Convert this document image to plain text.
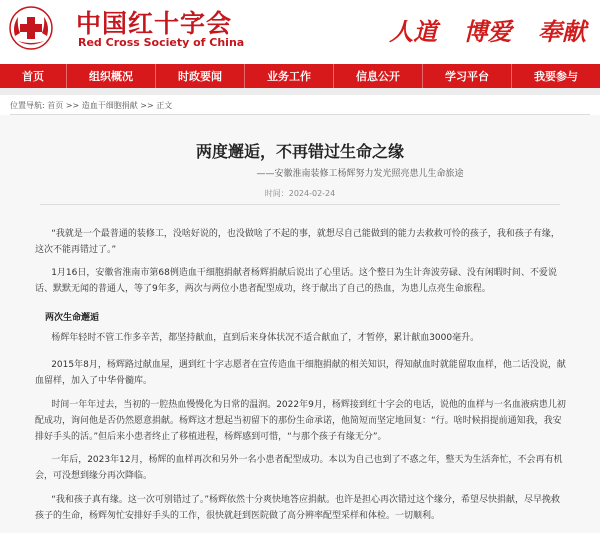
中国红十字会
Red Cross Society of China	人道 博爱 奉献
首页	组织概况	时政要闻	业务工作	信息公开	学习平台	我要参与
位置导航: 首页 >> 造血干细胞捐献 >> 正文
两度邂逅，不再错过生命之缘
——安徽淮南装修工杨辉努力发光照亮患儿生命旅途
时间：2024-02-24

“我就是一个最普通的装修工，没啥好说的，也没做啥了不起的事，就想尽自己能做到的能力去救救可怜的孩子，我和孩子有缘，这次不能再错过了。”

1月16日，安徽省淮南市第68例造血干细胞捐献者杨辉捐献后说出了心里话。这个整日为生计奔波劳碌、没有闲暇时间、不爱说话、默默无闻的普通人，等了9年多，两次与两位小患者配型成功，终于献出了自己的热血，为患儿点亮生命旅程。

两次生命邂逅

杨辉年轻时不管工作多辛苦，都坚持献血，直到后来身体状况不适合献血了，才暂停，累计献血3000毫升。

2015年8月，杨辉路过献血屋，遇到红十字志愿者在宣传造血干细胞捐献的相关知识，得知献血时就能留取血样，他二话没说，献血留样，加入了中华骨髓库。

时间一年年过去，当初的一腔热血慢慢化为日常的温润。2022年9月，杨辉接到红十字会的电话，说他的血样与一名血液病患儿初配成功，询问他是否仍然愿意捐献。杨辉这才想起当初留下的那份生命承诺，他简短而坚定地回复：“行。啥时候捐提前通知我，我安排好手头的活。”但后来小患者终止了移植进程，杨辉感到可惜，“与那个孩子有缘无分”。

一年后，2023年12月，杨辉的血样再次和另外一名小患者配型成功。本以为自己也到了不惑之年，整天为生活奔忙，不会再有机会，可没想到缘分再次降临。

“我和孩子真有缘。这一次可别错过了。”杨辉依然十分爽快地答应捐献。也许是担心再次错过这个缘分，希望尽快捐献，尽早挽救孩子的生命，杨辉匆忙安排好手头的工作，很快就赶到医院做了高分辨率配型采样和体检。一切顺利。
